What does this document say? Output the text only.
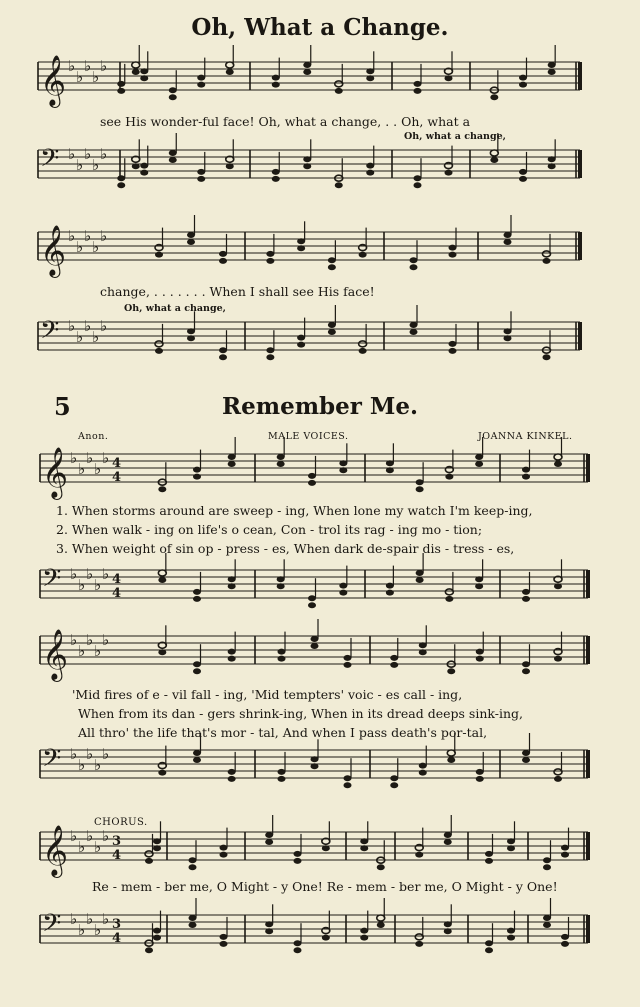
Oh, What a Change.
5	Remember Me.
Anon.	MALE VOICES.	JOANNA KINKEL.
CHORUS.
𝄞 ♭
♭
♭
♭
♭
𝄢 ♭
♭
♭
♭
♭
𝄞 ♭
♭
♭
♭
♭
𝄢 ♭
♭
♭
♭
♭
𝄞 ♭
♭
♭
♭
♭ 4
4
𝄢 ♭
♭
♭
♭
♭ 4
4
𝄞 ♭
♭
♭
♭
♭
𝄢 ♭
♭
♭
♭
♭
𝄞 ♭
♭
♭
♭
♭ 3
4
𝄢 ♭
♭
♭
♭
♭ 3
4
see His wonder-ful face! Oh, what a change, . . Oh, what a
Oh, what a change,
change, . . . . . . . When I shall see His face!
Oh, what a change,
1. When storms around are sweep - ing, When lone my watch I'm keep-ing,
2. When walk - ing on life's o cean, Con - trol its rag - ing mo - tion;
3. When weight of sin op - press - es, When dark de-spair dis - tress - es,
'Mid fires of e - vil fall - ing, 'Mid tempters' voic - es call - ing,
When from its dan - gers shrink-ing, When in its dread deeps sink-ing,
All thro' the life that's mor - tal, And when I pass death's por-tal,
Re - mem - ber me, O Might - y One! Re - mem - ber me, O Might - y One!
